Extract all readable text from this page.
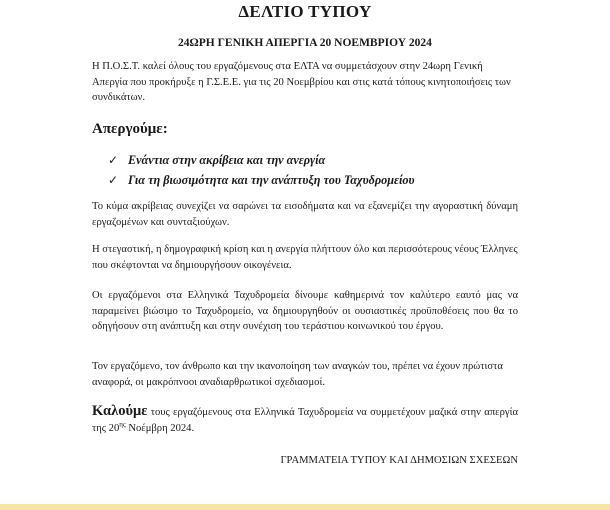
ΔΕΛΤΙΟ ΤΥΠΟΥ
24ΩΡΗ ΓΕΝΙΚΗ ΑΠΕΡΓΙΑ 20 ΝΟΕΜΒΡΙΟΥ 2024

Η Π.Ο.Σ.Τ. καλεί όλους του εργαζόμενους στα ΕΛΤΑ να συμμετάσχουν στην 24ωρη Γενική Απεργία που προκήρυξε η Γ.Σ.Ε.Ε. για τις 20 Νοεμβρίου και στις κατά τόπους κινητοποιήσεις των συνδικάτων.

Απεργούμε:
✓ Ενάντια στην ακρίβεια και την ανεργία
✓ Για τη βιωσιμότητα και την ανάπτυξη του Ταχυδρομείου

Το κύμα ακρίβειας συνεχίζει να σαρώνει τα εισοδήματα και να εξανεμίζει την αγοραστική δύναμη εργαζομένων και συνταξιούχων.

Η στεγαστική, η δημογραφική κρίση και η ανεργία πλήττουν όλο και περισσότερους νέους Έλληνες που σκέφτονται να δημιουργήσουν οικογένεια.

Οι εργαζόμενοι στα Ελληνικά Ταχυδρομεία δίνουμε καθημερινά τον καλύτερο εαυτό μας να παραμείνει βιώσιμο το Ταχυδρομείο, να δημιουργηθούν οι ουσιαστικές προϋποθέσεις που θα το οδηγήσουν στη ανάπτυξη και στην συνέχιση του τεράστιου κοινωνικού του έργου.

Τον εργαζόμενο, τον άνθρωπο και την ικανοποίηση των αναγκών του, πρέπει να έχουν πρώτιστα αναφορά, οι μακρόπνοοι αναδιαρθρωτικοί σχεδιασμοί.

Καλούμε τους εργαζόμενους στα Ελληνικά Ταχυδρομεία να συμμετέχουν μαζικά στην απεργία της $20^{\eta\varsigma}$ Νοέμβρη 2024.

ΓΡΑΜΜΑΤΕΙΑ ΤΥΠΟΥ ΚΑΙ ΔΗΜΟΣΙΩΝ ΣΧΕΣΕΩΝ
